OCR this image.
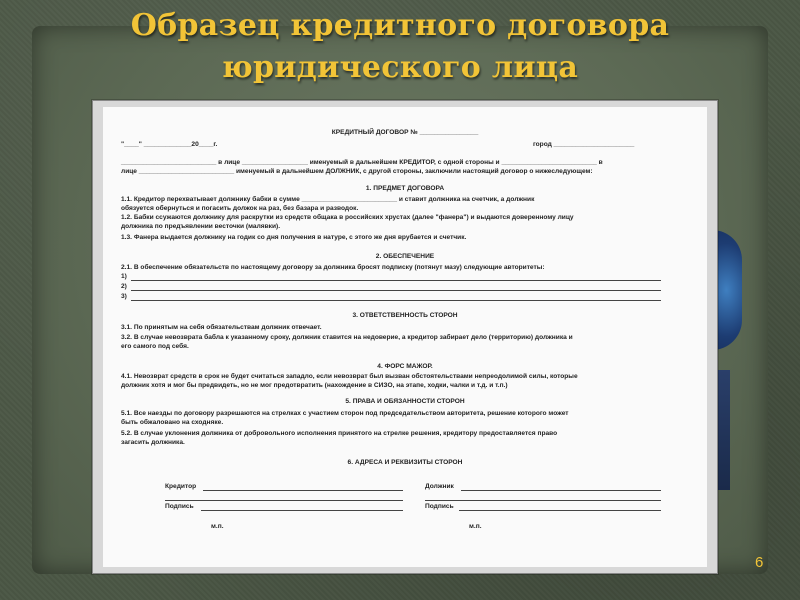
Образец кредитного договора
юридического лица
КРЕДИТНЫЙ ДОГОВОР № ________________
"____" _____________20____г.	город ______________________
__________________________ в лице __________________ именуемый в дальнейшем КРЕДИТОР, с одной стороны и __________________________ в
лице __________________________ именуемый в дальнейшем ДОЛЖНИК, с другой стороны, заключили настоящий договор о нижеследующем:
1. ПРЕДМЕТ ДОГОВОРА
1.1. Кредитор перехватывает должнику бабки в сумме __________________________ и ставит должника на счетчик, а должник
обязуется обернуться и погасить должок на раз, без базара и разводок.
1.2. Бабки ссужаются должнику для раскрутки из средств общака в российских хрустах (далее "фанера") и выдаются доверенному лицу
должника по предъявлении весточки (малявки).
1.3. Фанера выдается должнику на годик со дня получения в натуре, с этого же дня врубается и счетчик.
2. ОБЕСПЕЧЕНИЕ
2.1. В обеспечение обязательств по настоящему договору за должника бросят подписку (потянут мазу) следующие авторитеты:
1)
2)
3)
3. ОТВЕТСТВЕННОСТЬ СТОРОН
3.1. По принятым на себя обязательствам должник отвечает.
3.2. В случае невозврата бабла к указанному сроку, должник ставится на недоверие, а кредитор забирает дело (территорию) должника и
его самого под себя.
4. ФОРС МАЖОР.
4.1. Невозврат средств в срок не будет считаться западло, если невозврат был вызван обстоятельствами непреодолимой силы, которые
должник хотя и мог бы предвидеть, но не мог предотвратить (нахождение в СИЗО, на этапе, ходки, чалки и т.д. и т.п.)
5. ПРАВА И ОБЯЗАННОСТИ СТОРОН
5.1. Все наезды по договору разрешаются на стрелках с участием сторон под председательством авторитета, решение которого может
быть обжаловано на сходняке.
5.2. В случае уклонения должника от добровольного исполнения принятого на стрелке решения, кредитору предоставляется право
загасить должника.
6. АДРЕСА И РЕКВИЗИТЫ СТОРОН
Кредитор	Должник
Подпись	Подпись
м.п.	м.п.
6
